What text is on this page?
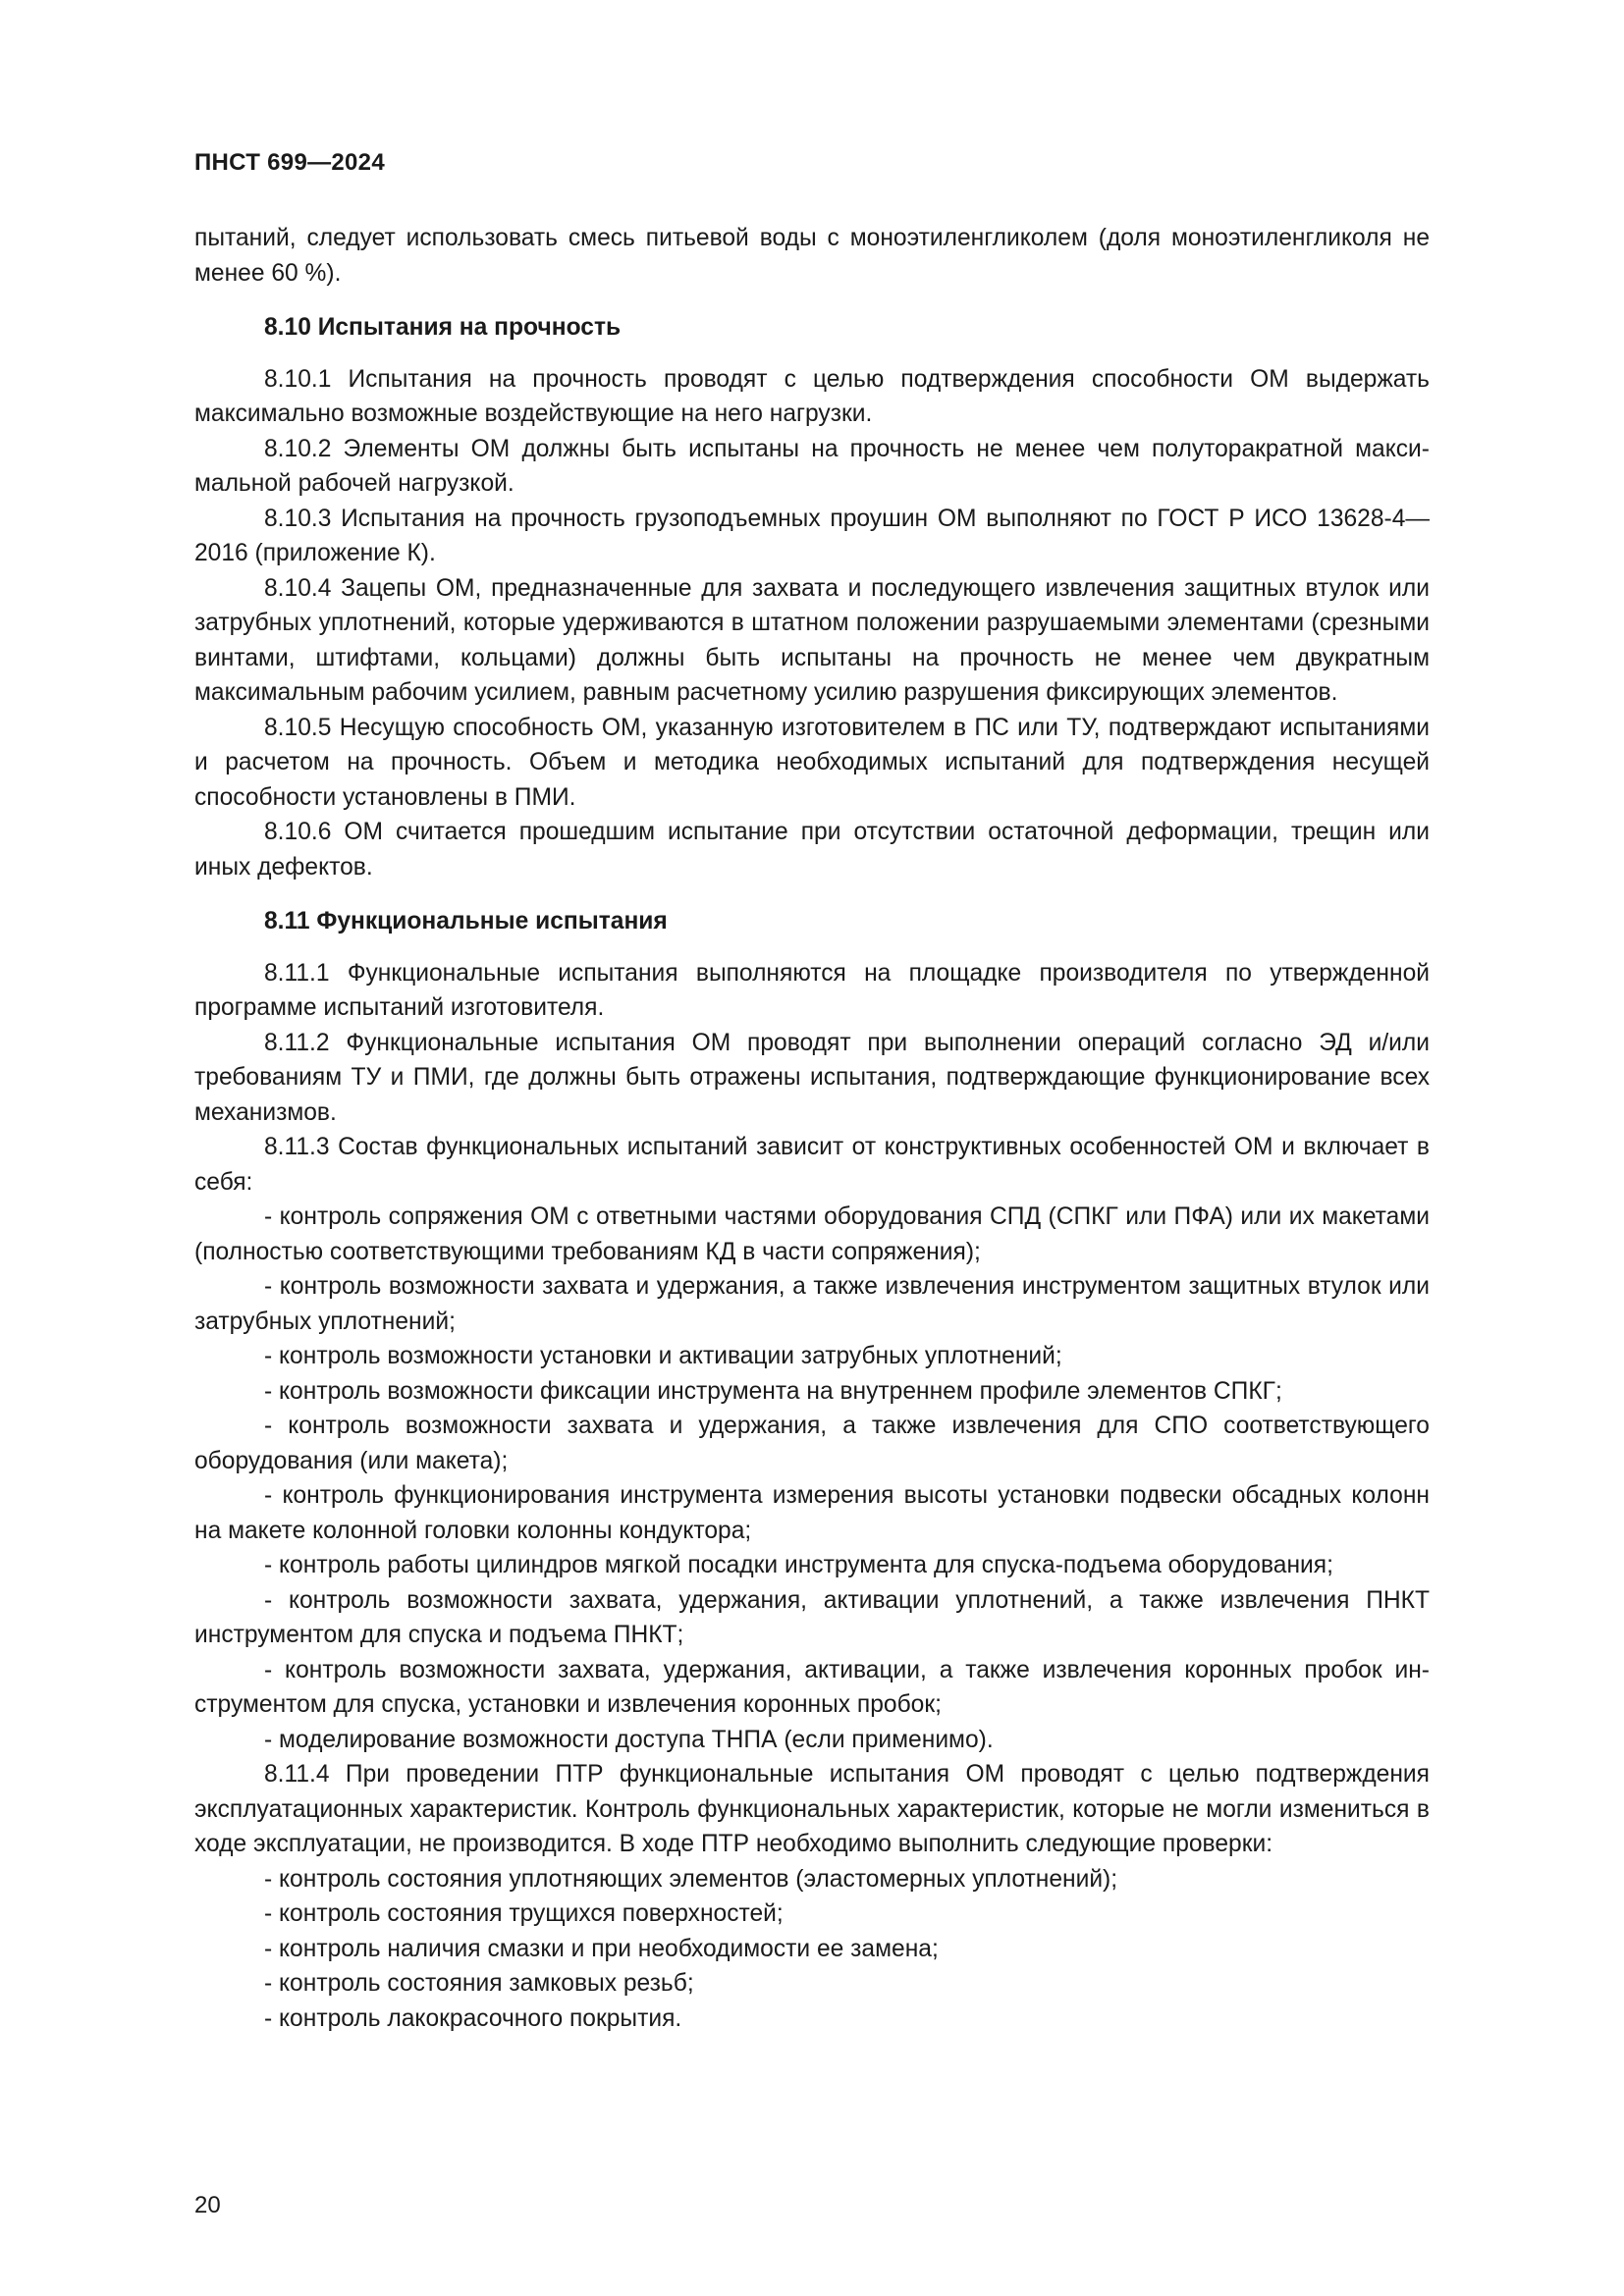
ПНСТ 699—2024

пытаний, следует использовать смесь питьевой воды с моноэтиленгликолем (доля моноэтиленгликоля не менее 60 %).

8.10 Испытания на прочность

8.10.1 Испытания на прочность проводят с целью подтверждения способности ОМ выдержать максимально возможные воздействующие на него нагрузки.

8.10.2 Элементы ОМ должны быть испытаны на прочность не менее чем полуторакратной максимальной рабочей нагрузкой.

8.10.3 Испытания на прочность грузоподъемных проушин ОМ выполняют по ГОСТ Р ИСО 13628-4—2016 (приложение К).

8.10.4 Зацепы ОМ, предназначенные для захвата и последующего извлечения защитных втулок или затрубных уплотнений, которые удерживаются в штатном положении разрушаемыми элементами (срезными винтами, штифтами, кольцами) должны быть испытаны на прочность не менее чем двукратным максимальным рабочим усилием, равным расчетному усилию разрушения фиксирующих элементов.

8.10.5 Несущую способность ОМ, указанную изготовителем в ПС или ТУ, подтверждают испытаниями и расчетом на прочность. Объем и методика необходимых испытаний для подтверждения несущей способности установлены в ПМИ.

8.10.6 ОМ считается прошедшим испытание при отсутствии остаточной деформации, трещин или иных дефектов.

8.11 Функциональные испытания

8.11.1 Функциональные испытания выполняются на площадке производителя по утвержденной программе испытаний изготовителя.

8.11.2 Функциональные испытания ОМ проводят при выполнении операций согласно ЭД и/или требованиям ТУ и ПМИ, где должны быть отражены испытания, подтверждающие функционирование всех механизмов.

8.11.3 Состав функциональных испытаний зависит от конструктивных особенностей ОМ и включает в себя:

- контроль сопряжения ОМ с ответными частями оборудования СПД (СПКГ или ПФА) или их макетами (полностью соответствующими требованиям КД в части сопряжения);

- контроль возможности захвата и удержания, а также извлечения инструментом защитных втулок или затрубных уплотнений;

- контроль возможности установки и активации затрубных уплотнений;

- контроль возможности фиксации инструмента на внутреннем профиле элементов СПКГ;

- контроль возможности захвата и удержания, а также извлечения для СПО соответствующего оборудования (или макета);

- контроль функционирования инструмента измерения высоты установки подвески обсадных колонн на макете колонной головки колонны кондуктора;

- контроль работы цилиндров мягкой посадки инструмента для спуска-подъема оборудования;

- контроль возможности захвата, удержания, активации уплотнений, а также извлечения ПНКТ инструментом для спуска и подъема ПНКТ;

- контроль возможности захвата, удержания, активации, а также извлечения коронных пробок инструментом для спуска, установки и извлечения коронных пробок;

- моделирование возможности доступа ТНПА (если применимо).

8.11.4 При проведении ПТР функциональные испытания ОМ проводят с целью подтверждения эксплуатационных характеристик. Контроль функциональных характеристик, которые не могли измениться в ходе эксплуатации, не производится. В ходе ПТР необходимо выполнить следующие проверки:

- контроль состояния уплотняющих элементов (эластомерных уплотнений);

- контроль состояния трущихся поверхностей;

- контроль наличия смазки и при необходимости ее замена;

- контроль состояния замковых резьб;

- контроль лакокрасочного покрытия.

20
